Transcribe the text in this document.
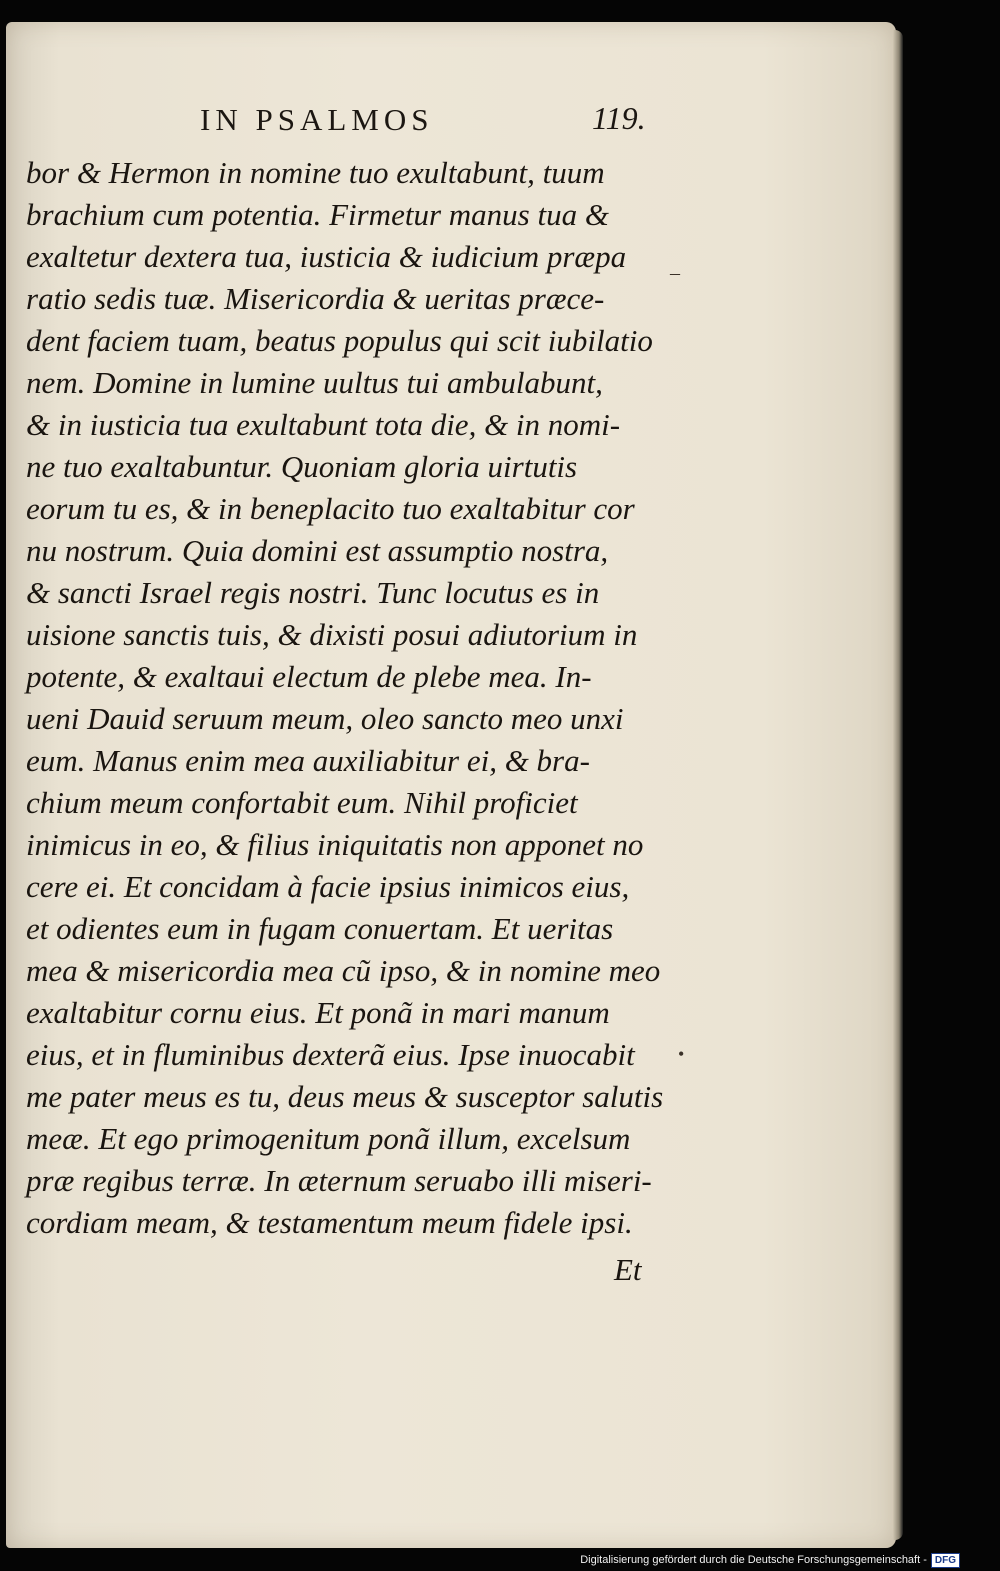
IN PSALMOS	119.
bor & Hermon in nomine tuo exultabunt, tuum
brachium cum potentia. Firmetur manus tua &
exaltetur dextera tua, iusticia & iudicium præpa
ratio sedis tuæ. Misericordia & ueritas præce-
dent faciem tuam, beatus populus qui scit iubilatio
nem. Domine in lumine uultus tui ambulabunt,
& in iusticia tua exultabunt tota die, & in nomi-
ne tuo exaltabuntur. Quoniam gloria uirtutis
eorum tu es, & in beneplacito tuo exaltabitur cor
nu nostrum. Quia domini est assumptio nostra,
& sancti Israel regis nostri. Tunc locutus es in
uisione sanctis tuis, & dixisti posui adiutorium in
potente, & exaltaui electum de plebe mea. In-
ueni Dauid seruum meum, oleo sancto meo unxi
eum. Manus enim mea auxiliabitur ei, & bra-
chium meum confortabit eum. Nihil proficiet
inimicus in eo, & filius iniquitatis non apponet no
cere ei. Et concidam à facie ipsius inimicos eius,
et odientes eum in fugam conuertam. Et ueritas
mea & misericordia mea cũ ipso, & in nomine meo
exaltabitur cornu eius. Et ponã in mari manum
eius, et in fluminibus dexterã eius. Ipse inuocabit
me pater meus es tu, deus meus & susceptor salutis
meæ. Et ego primogenitum ponã illum, excelsum
præ regibus terræ. In æternum seruabo illi miseri-
cordiam meam, & testamentum meum fidele ipsi.
Et
–
•
Digitalisierung gefördert durch die Deutsche Forschungsgemeinschaft - DFG
